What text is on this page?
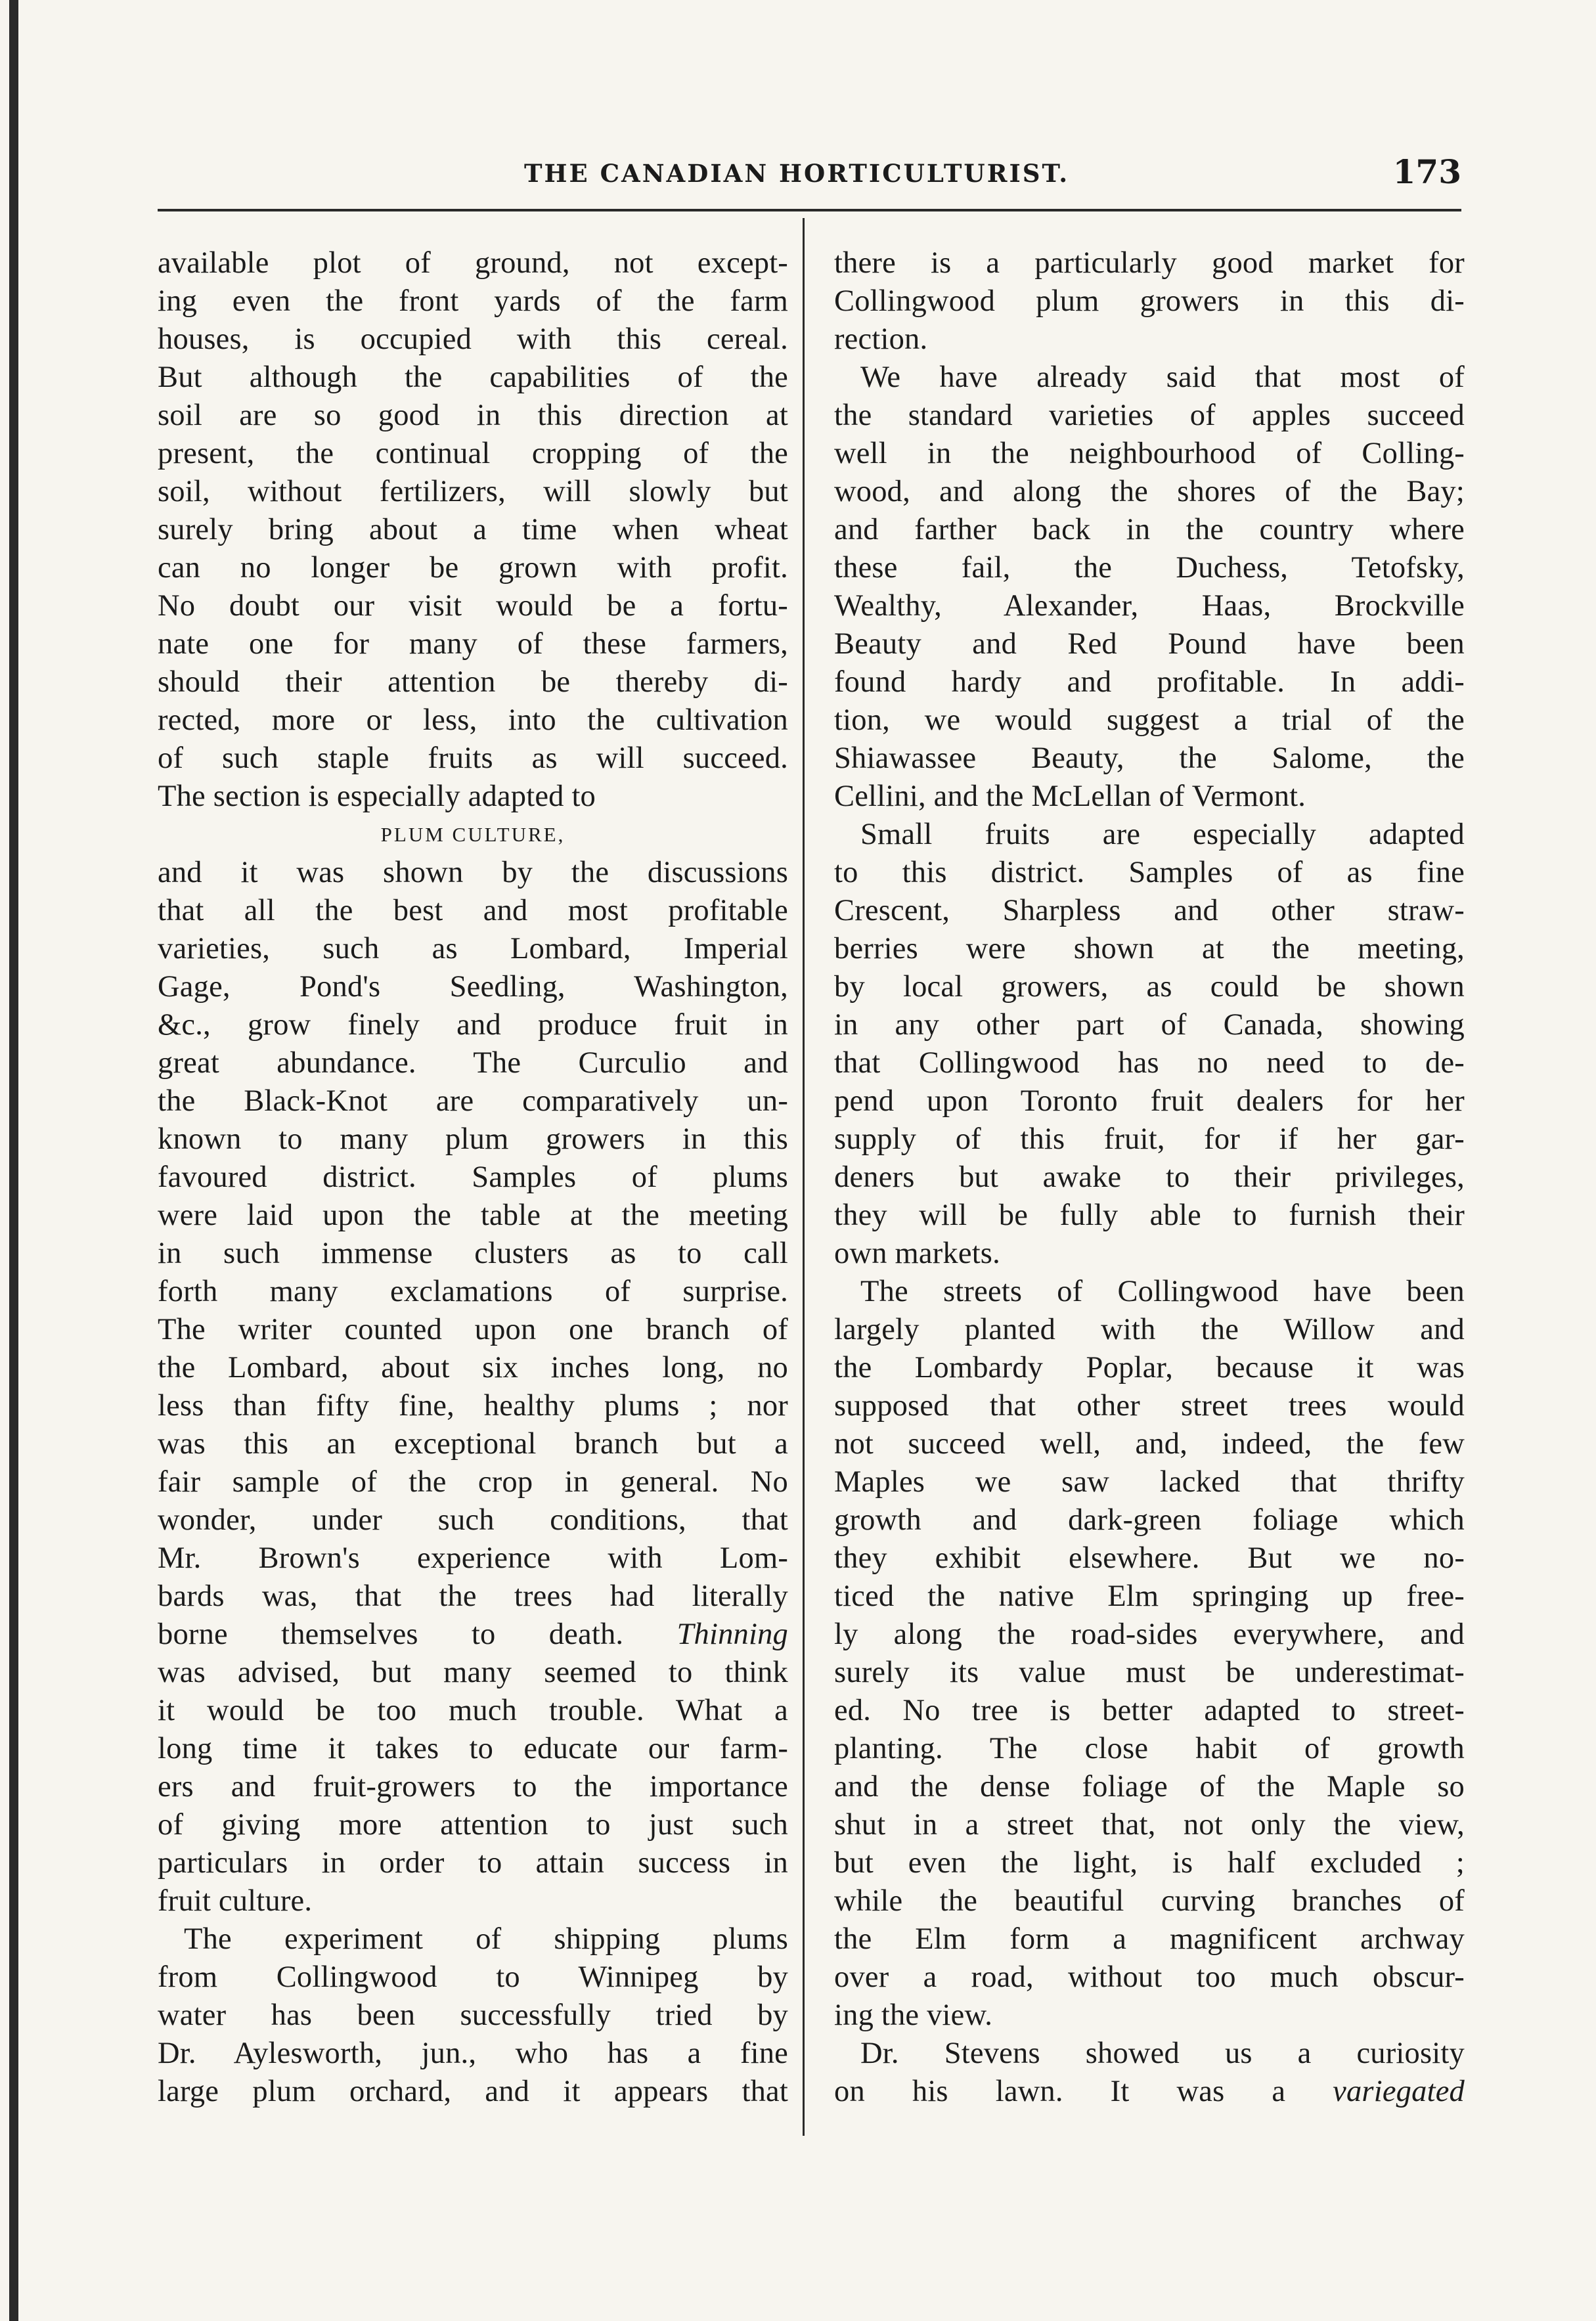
THE CANADIAN HORTICULTURIST.	173
available plot of ground, not except-
ing even the front yards of the farm
houses, is occupied with this cereal.
But although the capabilities of the
soil are so good in this direction at
present, the continual cropping of the
soil, without fertilizers, will slowly but
surely bring about a time when wheat
can no longer be grown with profit.
No doubt our visit would be a fortu-
nate one for many of these farmers,
should their attention be thereby di-
rected, more or less, into the cultivation
of such staple fruits as will succeed.
The section is especially adapted to
PLUM CULTURE,
and it was shown by the discussions
that all the best and most profitable
varieties, such as Lombard, Imperial
Gage, Pond's Seedling, Washington,
&c., grow finely and produce fruit in
great abundance. The Curculio and
the Black-Knot are comparatively un-
known to many plum growers in this
favoured district. Samples of plums
were laid upon the table at the meeting
in such immense clusters as to call
forth many exclamations of surprise.
The writer counted upon one branch of
the Lombard, about six inches long, no
less than fifty fine, healthy plums ; nor
was this an exceptional branch but a
fair sample of the crop in general. No
wonder, under such conditions, that
Mr. Brown's experience with Lom-
bards was, that the trees had literally
borne themselves to death. Thinning
was advised, but many seemed to think
it would be too much trouble. What a
long time it takes to educate our farm-
ers and fruit-growers to the importance
of giving more attention to just such
particulars in order to attain success in
fruit culture.
The experiment of shipping plums
from Collingwood to Winnipeg by
water has been successfully tried by
Dr. Aylesworth, jun., who has a fine
large plum orchard, and it appears that
there is a particularly good market for
Collingwood plum growers in this di-
rection.
We have already said that most of
the standard varieties of apples succeed
well in the neighbourhood of Colling-
wood, and along the shores of the Bay;
and farther back in the country where
these fail, the Duchess, Tetofsky,
Wealthy, Alexander, Haas, Brockville
Beauty and Red Pound have been
found hardy and profitable. In addi-
tion, we would suggest a trial of the
Shiawassee Beauty, the Salome, the
Cellini, and the McLellan of Vermont.
Small fruits are especially adapted
to this district. Samples of as fine
Crescent, Sharpless and other straw-
berries were shown at the meeting,
by local growers, as could be shown
in any other part of Canada, showing
that Collingwood has no need to de-
pend upon Toronto fruit dealers for her
supply of this fruit, for if her gar-
deners but awake to their privileges,
they will be fully able to furnish their
own markets.
The streets of Collingwood have been
largely planted with the Willow and
the Lombardy Poplar, because it was
supposed that other street trees would
not succeed well, and, indeed, the few
Maples we saw lacked that thrifty
growth and dark-green foliage which
they exhibit elsewhere. But we no-
ticed the native Elm springing up free-
ly along the road-sides everywhere, and
surely its value must be underestimat-
ed. No tree is better adapted to street-
planting. The close habit of growth
and the dense foliage of the Maple so
shut in a street that, not only the view,
but even the light, is half excluded ;
while the beautiful curving branches of
the Elm form a magnificent archway
over a road, without too much obscur-
ing the view.
Dr. Stevens showed us a curiosity
on his lawn. It was a variegated
